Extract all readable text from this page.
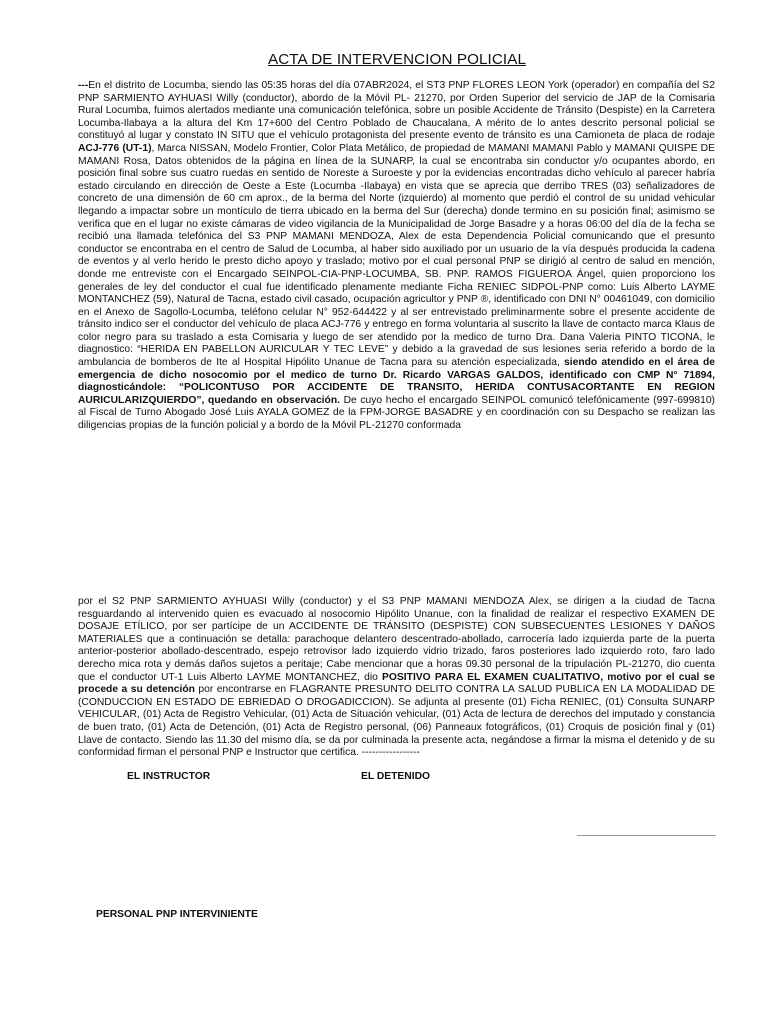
ACTA DE INTERVENCION POLICIAL
---En el distrito de Locumba, siendo las 05:35 horas del día 07ABR2024, el ST3 PNP FLORES LEON York (operador) en compañía del S2 PNP SARMIENTO AYHUASI Willy (conductor), abordo de la Móvil PL- 21270, por Orden Superior del servicio de JAP de la Comisaria Rural Locumba, fuimos alertados mediante una comunicación telefónica, sobre un posible Accidente de Tránsito (Despiste) en la Carretera Locumba-Ilabaya a la altura del Km 17+600 del Centro Poblado de Chaucalana, A mérito de lo antes descrito personal policial se constituyó al lugar y constato IN SITU que el vehículo protagonista del presente evento de tránsito es una Camioneta de placa de rodaje ACJ-776 (UT-1), Marca NISSAN, Modelo Frontier, Color Plata Metálico, de propiedad de MAMANI MAMANI Pablo y MAMANI QUISPE DE MAMANI Rosa, Datos obtenidos de la página en línea de la SUNARP, la cual se encontraba sin conductor y/o ocupantes abordo, en posición final sobre sus cuatro ruedas en sentido de Noreste a Suroeste y por la evidencias encontradas dicho vehículo al parecer habría estado circulando en dirección de Oeste a Este (Locumba -Ilabaya) en vista que se aprecia que derribo TRES (03) señalizadores de concreto de una dimensión de 60 cm aprox., de la berma del Norte (izquierdo) al momento que perdió el control de su unidad vehicular llegando a impactar sobre un montículo de tierra ubicado en la berma del Sur (derecha) donde termino en su posición final; asimismo se verifica que en el lugar no existe cámaras de video vigilancia de la Municipalidad de Jorge Basadre y a horas 06:00 del día de la fecha se recibió una llamada telefónica del S3 PNP MAMANI MENDOZA, Alex de esta Dependencia Policial comunicando que el presunto conductor se encontraba en el centro de Salud de Locumba, al haber sido auxiliado por un usuario de la vía después producida la cadena de eventos y al verlo herido le presto dicho apoyo y traslado; motivo por el cual personal PNP se dirigió al centro de salud en mención, donde me entreviste con el Encargado SEINPOL-CIA-PNP-LOCUMBA, SB. PNP. RAMOS FIGUEROA Ángel, quien proporciono los generales de ley del conductor el cual fue identificado plenamente mediante Ficha RENIEC SIDPOL-PNP como: Luis Alberto LAYME MONTANCHEZ (59), Natural de Tacna, estado civil casado, ocupación agricultor y PNP ®, identificado con DNI N° 00461049, con domicilio en el Anexo de Sagollo-Locumba, teléfono celular N° 952-644422 y al ser entrevistado preliminarmente sobre el presente accidente de tránsito indico ser el conductor del vehículo de placa ACJ-776 y entrego en forma voluntaria al suscrito la llave de contacto marca Klaus de color negro para su traslado a esta Comisaria y luego de ser atendido por la medico de turno Dra. Dana Valeria PINTO TICONA, le diagnostico: “HERIDA EN PABELLON AURICULAR Y TEC LEVE” y debido a la gravedad de sus lesiones seria referido a bordo de la ambulancia de bomberos de Ite al Hospital Hipólito Unanue de Tacna para su atención especializada, siendo atendido en el área de emergencia de dicho nosocomio por el medico de turno Dr. Ricardo VARGAS GALDOS, identificado con CMP N° 71894, diagnosticándole: “POLICONTUSO POR ACCIDENTE DE TRANSITO, HERIDA CONTUSACORTANTE EN REGION AURICULARIZQUIERDO”, quedando en observación. De cuyo hecho el encargado SEINPOL comunicó telefónicamente (997-699810) al Fiscal de Turno Abogado José Luis AYALA GOMEZ de la FPM-JORGE BASADRE y en coordinación con su Despacho se realizan las diligencias propias de la función policial y a bordo de la Móvil PL-21270 conformada
por el S2 PNP SARMIENTO AYHUASI Willy (conductor) y el S3 PNP MAMANI MENDOZA Alex, se dirigen a la ciudad de Tacna resguardando al intervenido quien es evacuado al nosocomio Hipólito Unanue, con la finalidad de realizar el respectivo EXAMEN DE DOSAJE ETÍLICO, por ser partícipe de un ACCIDENTE DE TRÁNSITO (DESPISTE) CON SUBSECUENTES LESIONES Y DAÑOS MATERIALES que a continuación se detalla: parachoque delantero descentrado-abollado, carrocería lado izquierda parte de la puerta anterior-posterior abollado-descentrado, espejo retrovisor lado izquierdo vidrio trizado, faros posteriores lado izquierdo roto, faro lado derecho mica rota y demás daños sujetos a peritaje; Cabe mencionar que a horas 09.30 personal de la tripulación PL-21270, dio cuenta que el conductor UT-1 Luis Alberto LAYME MONTANCHEZ, dio POSITIVO PARA EL EXAMEN CUALITATIVO, motivo por el cual se procede a su detención por encontrarse en FLAGRANTE PRESUNTO DELITO CONTRA LA SALUD PUBLICA EN LA MODALIDAD DE (CONDUCCION EN ESTADO DE EBRIEDAD O DROGADICCION). Se adjunta al presente (01) Ficha RENIEC, (01) Consulta SUNARP VEHICULAR, (01) Acta de Registro Vehicular, (01) Acta de Situación vehicular, (01) Acta de lectura de derechos del imputado y constancia de buen trato, (01) Acta de Detención, (01) Acta de Registro personal, (06) Panneaux fotográficos, (01) Croquis de posición final y (01) Llave de contacto. Siendo las 11.30 del mismo día, se da por culminada la presente acta, negándose a firmar la misma el detenido y de su conformidad firman el personal PNP e Instructor que certifica. -----------------
EL INSTRUCTOR	EL DETENIDO
PERSONAL PNP INTERVINIENTE
